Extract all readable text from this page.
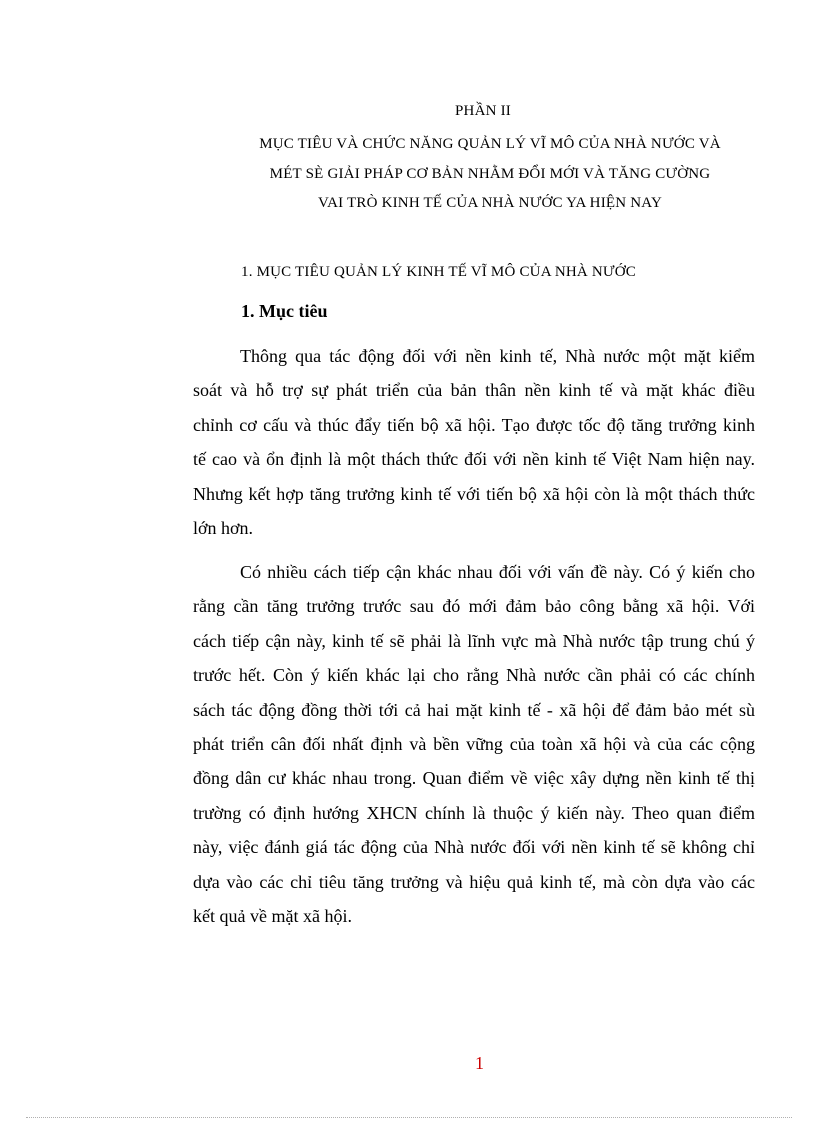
PHẦN II
MỤC TIÊU VÀ CHỨC NĂNG QUẢN LÝ VĨ MÔ CỦA NHÀ NƯỚC VÀ
MÉT SÈ GIẢI PHÁP CƠ BẢN NHẰM ĐỔI MỚI VÀ TĂNG CƯỜNG
VAI TRÒ KINH TẾ CỦA NHÀ NƯỚC YA HIỆN NAY
1. MỤC TIÊU QUẢN LÝ KINH TẾ VĨ MÔ CỦA NHÀ NƯỚC
1. Mục tiêu

Thông qua tác động đối với nền kinh tế, Nhà nước một mặt kiểm
soát và hỗ trợ sự phát triển của bản thân nền kinh tế và mặt khác điều
chỉnh cơ cấu và thúc đẩy tiến bộ xã hội. Tạo được tốc độ tăng trưởng kinh
tế cao và ổn định là một thách thức đối với nền kinh tế Việt Nam hiện nay.
Nhưng kết hợp tăng trưởng kinh tế với tiến bộ xã hội còn là một thách thức
lớn hơn.

Có nhiều cách tiếp cận khác nhau đối với vấn đề này. Có ý kiến cho
rằng cần tăng trưởng trước sau đó mới đảm bảo công bằng xã hội. Với
cách tiếp cận này, kinh tế sẽ phải là lĩnh vực mà Nhà nước tập trung chú ý
trước hết. Còn ý kiến khác lại cho rằng Nhà nước cần phải có các chính
sách tác động đồng thời tới cả hai mặt kinh tế - xã hội để đảm bảo mét sù
phát triển cân đối nhất định và bền vững của toàn xã hội và của các cộng
đồng dân cư khác nhau trong. Quan điểm về việc xây dựng nền kinh tế thị
trường có định hướng XHCN chính là thuộc ý kiến này. Theo quan điểm
này, việc đánh giá tác động của Nhà nước đối với nền kinh tế sẽ không chỉ
dựa vào các chỉ tiêu tăng trưởng và hiệu quả kinh tế, mà còn dựa vào các
kết quả về mặt xã hội.

1
